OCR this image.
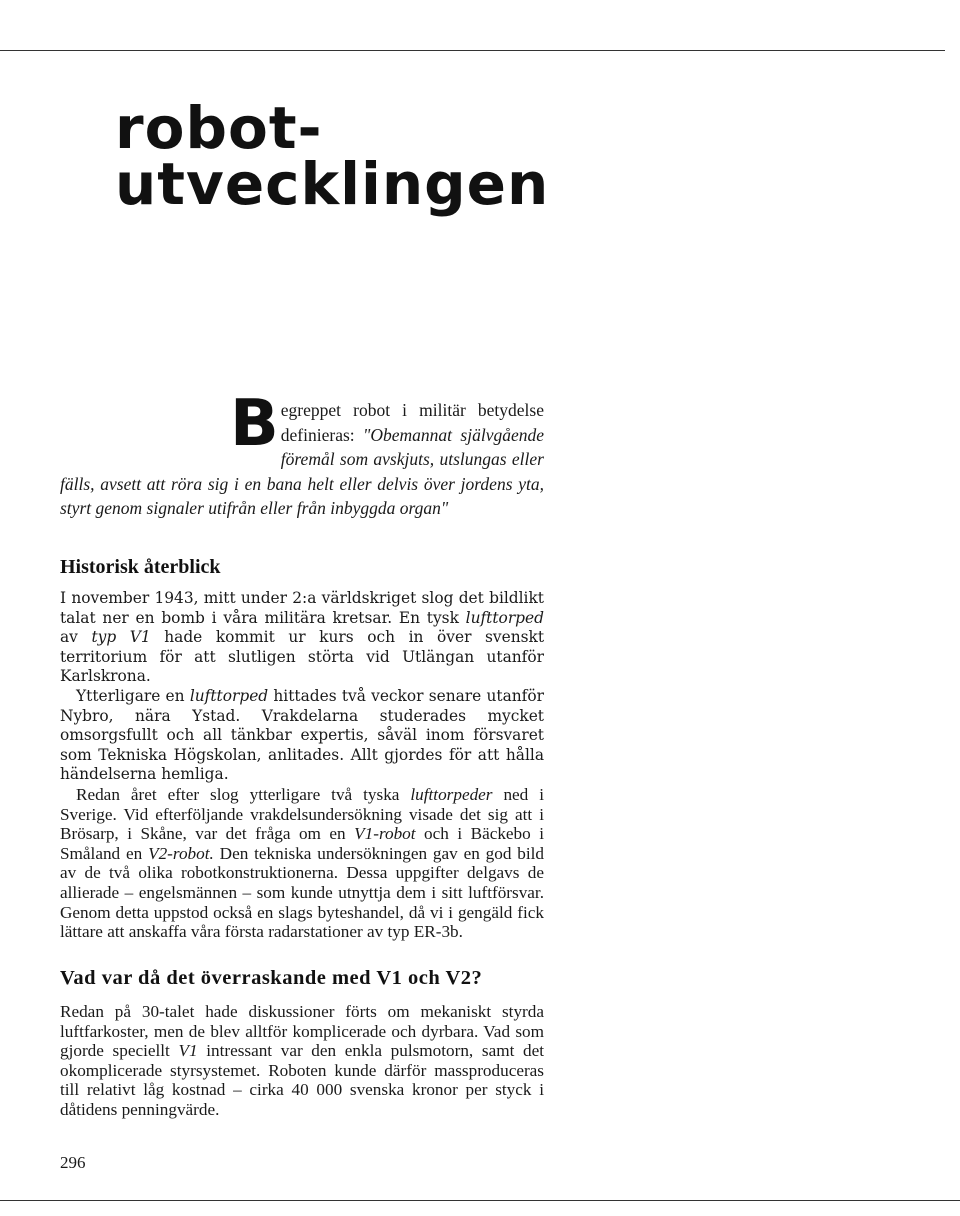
robot-
utvecklingen
Begreppet robot i militär betydelse definieras: "Obemannat självgående föremål som avskjuts, utslungas eller fälls, avsett att röra sig i en bana helt eller delvis över jordens yta, styrt genom signaler utifrån eller från inbyggda organ"
Historisk återblick

I november 1943, mitt under 2:a världskriget slog det bildlikt talat ner en bomb i våra militära kretsar. En tysk lufttorped av typ V1 hade kommit ur kurs och in över svenskt territorium för att slutligen störta vid Utlängan utanför Karlskrona.

Ytterligare en lufttorped hittades två veckor senare utanför Nybro, nära Ystad. Vrakdelarna studerades mycket omsorgsfullt och all tänkbar expertis, såväl inom försvaret som Tekniska Högskolan, anlitades. Allt gjordes för att hålla händelserna hemliga.

Redan året efter slog ytterligare två tyska lufttorpeder ned i Sverige. Vid efterföljande vrakdelsundersökning visade det sig att i Brösarp, i Skåne, var det fråga om en V1-robot och i Bäckebo i Småland en V2-robot. Den tekniska undersökningen gav en god bild av de två olika robotkonstruktionerna. Dessa uppgifter delgavs de allierade – engelsmännen – som kunde utnyttja dem i sitt luftförsvar. Genom detta uppstod också en slags byteshandel, då vi i gengäld fick lättare att anskaffa våra första radarstationer av typ ER-3b.

Vad var då det överraskande med V1 och V2?

Redan på 30-talet hade diskussioner förts om mekaniskt styrda luftfarkoster, men de blev alltför komplicerade och dyrbara. Vad som gjorde speciellt V1 intressant var den enkla pulsmotorn, samt det okomplicerade styrsystemet. Roboten kunde därför massproduceras till relativt låg kostnad – cirka 40 000 svenska kronor per styck i dåtidens penningvärde.

296
